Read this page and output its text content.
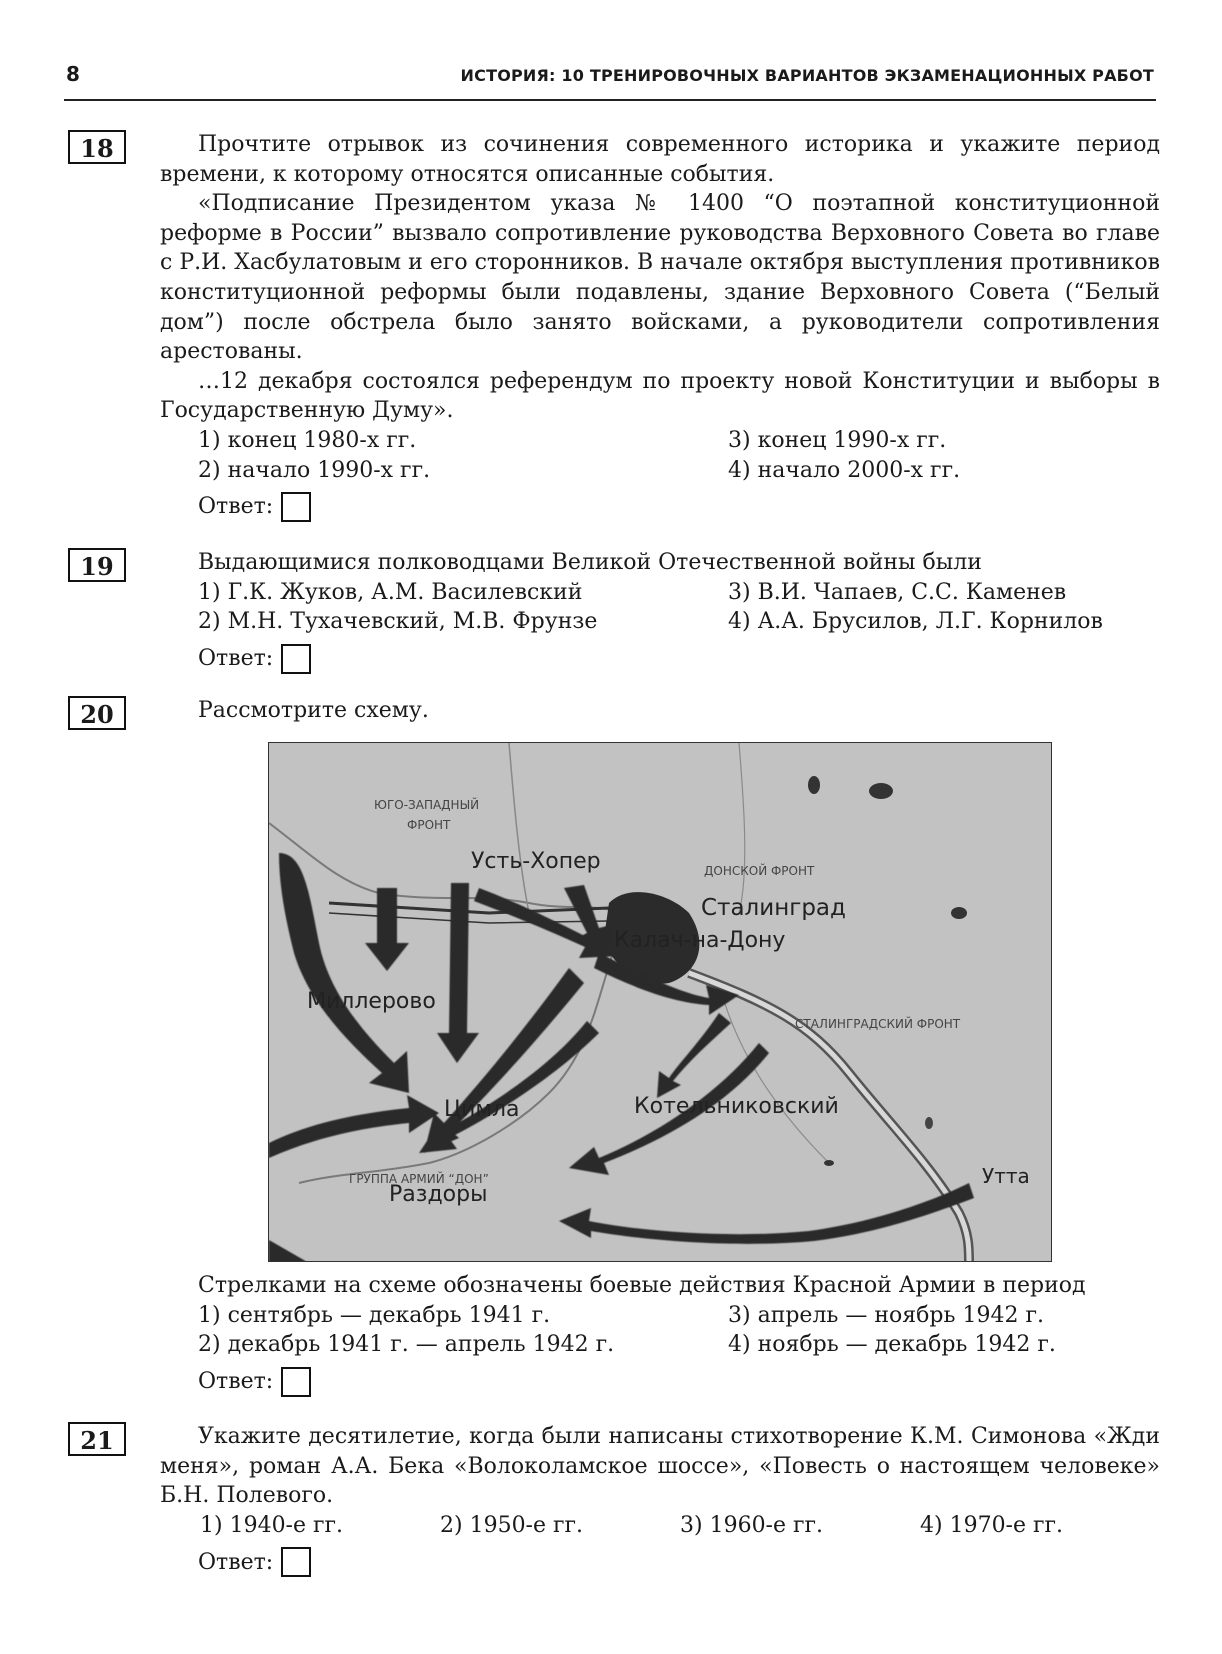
8	ИСТОРИЯ: 10 ТРЕНИРОВОЧНЫХ ВАРИАНТОВ ЭКЗАМЕНАЦИОННЫХ РАБОТ
18	Прочтите отрывок из сочинения современного историка и укажите период времени, к которому относятся описанные события.

«Подписание Президентом указа № 1400 “О поэтапной конституционной реформе в России” вызвало сопротивление руководства Верховного Совета во главе с Р.И. Хасбулатовым и его сторонников. В начале октября выступления противников конституционной реформы были подавлены, здание Верховного Совета (“Белый дом”) после обстрела было занято войсками, а руководители сопротивления арестованы.

…12 декабря состоялся референдум по проекту новой Конституции и выборы в Государственную Думу».

1) конец 1980-х гг.	3) конец 1990-х гг.
2) начало 1990-х гг.	4) начало 2000-х гг.
Ответ:
19	Выдающимися полководцами Великой Отечественной войны были

1) Г.К. Жуков, А.М. Василевский	3) В.И. Чапаев, С.С. Каменев
2) М.Н. Тухачевский, М.В. Фрунзе	4) А.А. Брусилов, Л.Г. Корнилов
Ответ:
20	Рассмотрите схему.

ЮГО-ЗАПАДНЫЙ
ФРОНТ
Усть-Хопер	ДОНСКОЙ ФРОНТ
Сталинград
Калач-на-Дону
Миллерово
СТАЛИНГРАДСКИЙ ФРОНТ
Цимла	Котельниковский
ГРУППА АРМИЙ “ДОН”
Раздоры
Утта

Стрелками на схеме обозначены боевые действия Красной Армии в период

1) сентябрь — декабрь 1941 г.	3) апрель — ноябрь 1942 г.
2) декабрь 1941 г. — апрель 1942 г.	4) ноябрь — декабрь 1942 г.
Ответ:
21	Укажите десятилетие, когда были написаны стихотворение К.М. Симонова «Жди меня», роман А.А. Бека «Волоколамское шоссе», «Повесть о настоящем человеке» Б.Н. Полевого.

1) 1940-е гг.	2) 1950-е гг.	3) 1960-е гг.	4) 1970-е гг.
Ответ:
